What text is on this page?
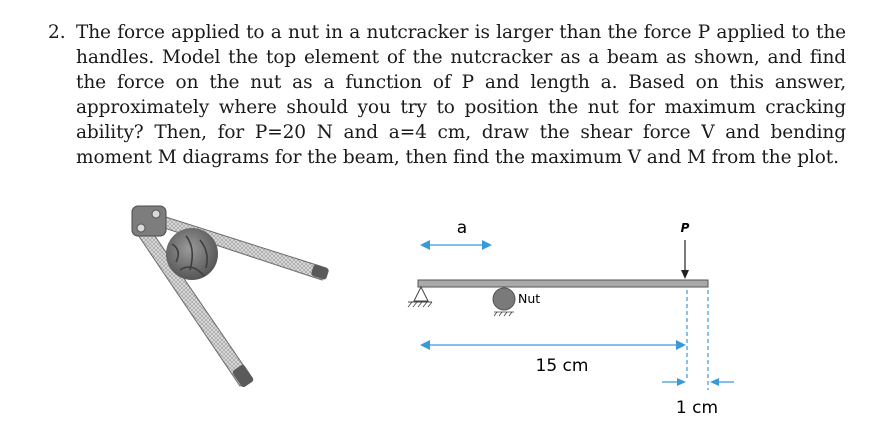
2. The force applied to a nut in a nutcracker is larger than the force P applied to the handles. Model the top element of the nutcracker as a beam as shown, and find the force on the nut as a function of P and length a. Based on this answer, approximately where should you try to position the nut for maximum cracking ability? Then, for P=20 N and a=4 cm, draw the shear force V and bending moment M diagrams for the beam, then find the maximum V and M from the plot.
a	P
Nut
15 cm
1 cm
